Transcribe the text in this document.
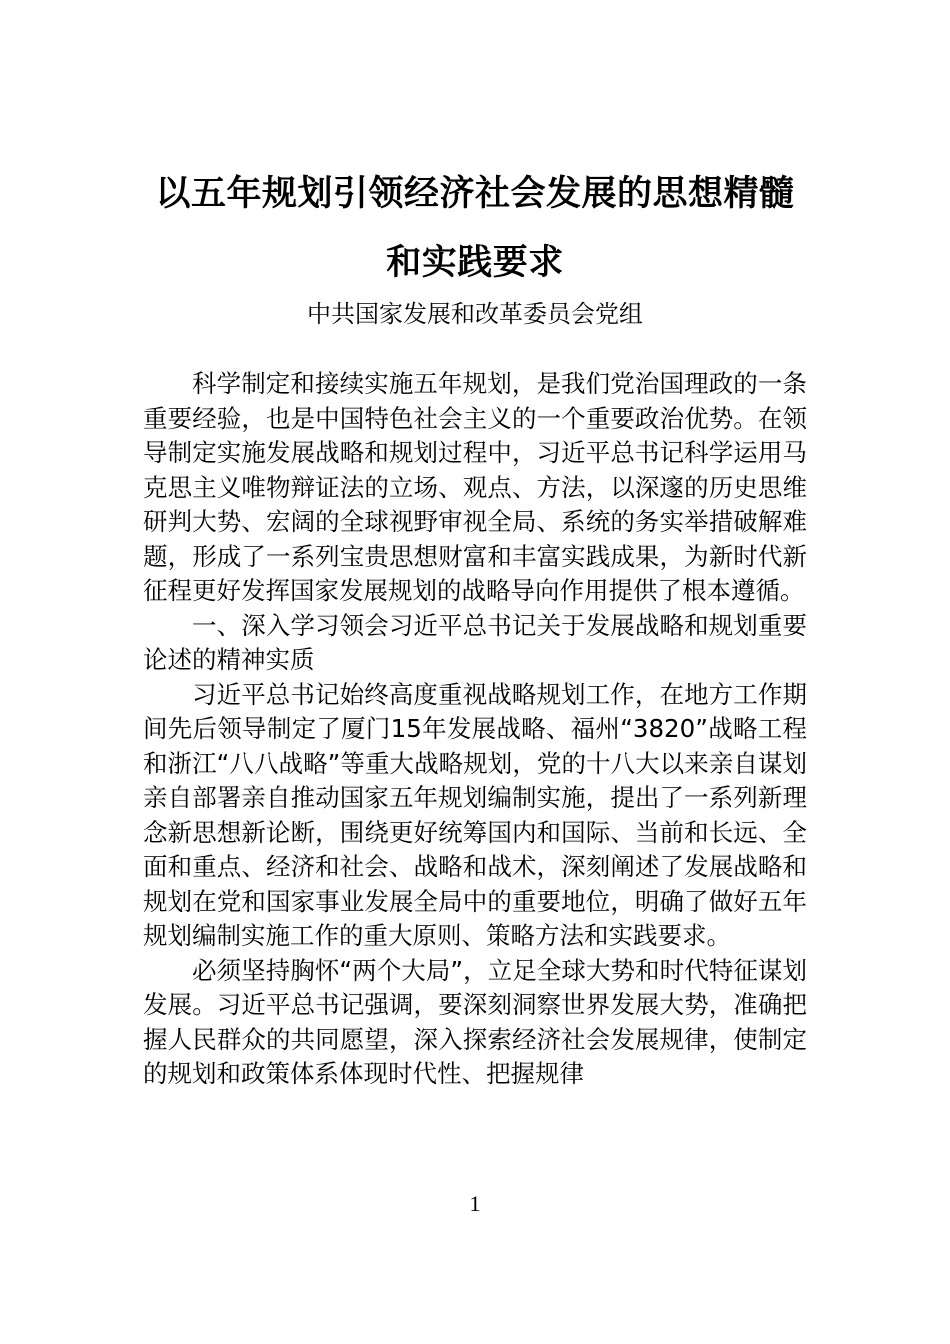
以五年规划引领经济社会发展的思想精髓
和实践要求
中共国家发展和改革委员会党组

科学制定和接续实施五年规划，是我们党治国理政的一条重要经验，也是中国特色社会主义的一个重要政治优势。在领导制定实施发展战略和规划过程中，习近平总书记科学运用马克思主义唯物辩证法的立场、观点、方法，以深邃的历史思维研判大势、宏阔的全球视野审视全局、系统的务实举措破解难题，形成了一系列宝贵思想财富和丰富实践成果，为新时代新征程更好发挥国家发展规划的战略导向作用提供了根本遵循。

一、深入学习领会习近平总书记关于发展战略和规划重要论述的精神实质

习近平总书记始终高度重视战略规划工作，在地方工作期间先后领导制定了厦门15年发展战略、福州“3820”战略工程和浙江“八八战略”等重大战略规划，党的十八大以来亲自谋划亲自部署亲自推动国家五年规划编制实施，提出了一系列新理念新思想新论断，围绕更好统筹国内和国际、当前和长远、全面和重点、经济和社会、战略和战术，深刻阐述了发展战略和规划在党和国家事业发展全局中的重要地位，明确了做好五年规划编制实施工作的重大原则、策略方法和实践要求。

必须坚持胸怀“两个大局”，立足全球大势和时代特征谋划发展。习近平总书记强调，要深刻洞察世界发展大势，准确把握人民群众的共同愿望，深入探索经济社会发展规律，使制定的规划和政策体系体现时代性、把握规律

1
